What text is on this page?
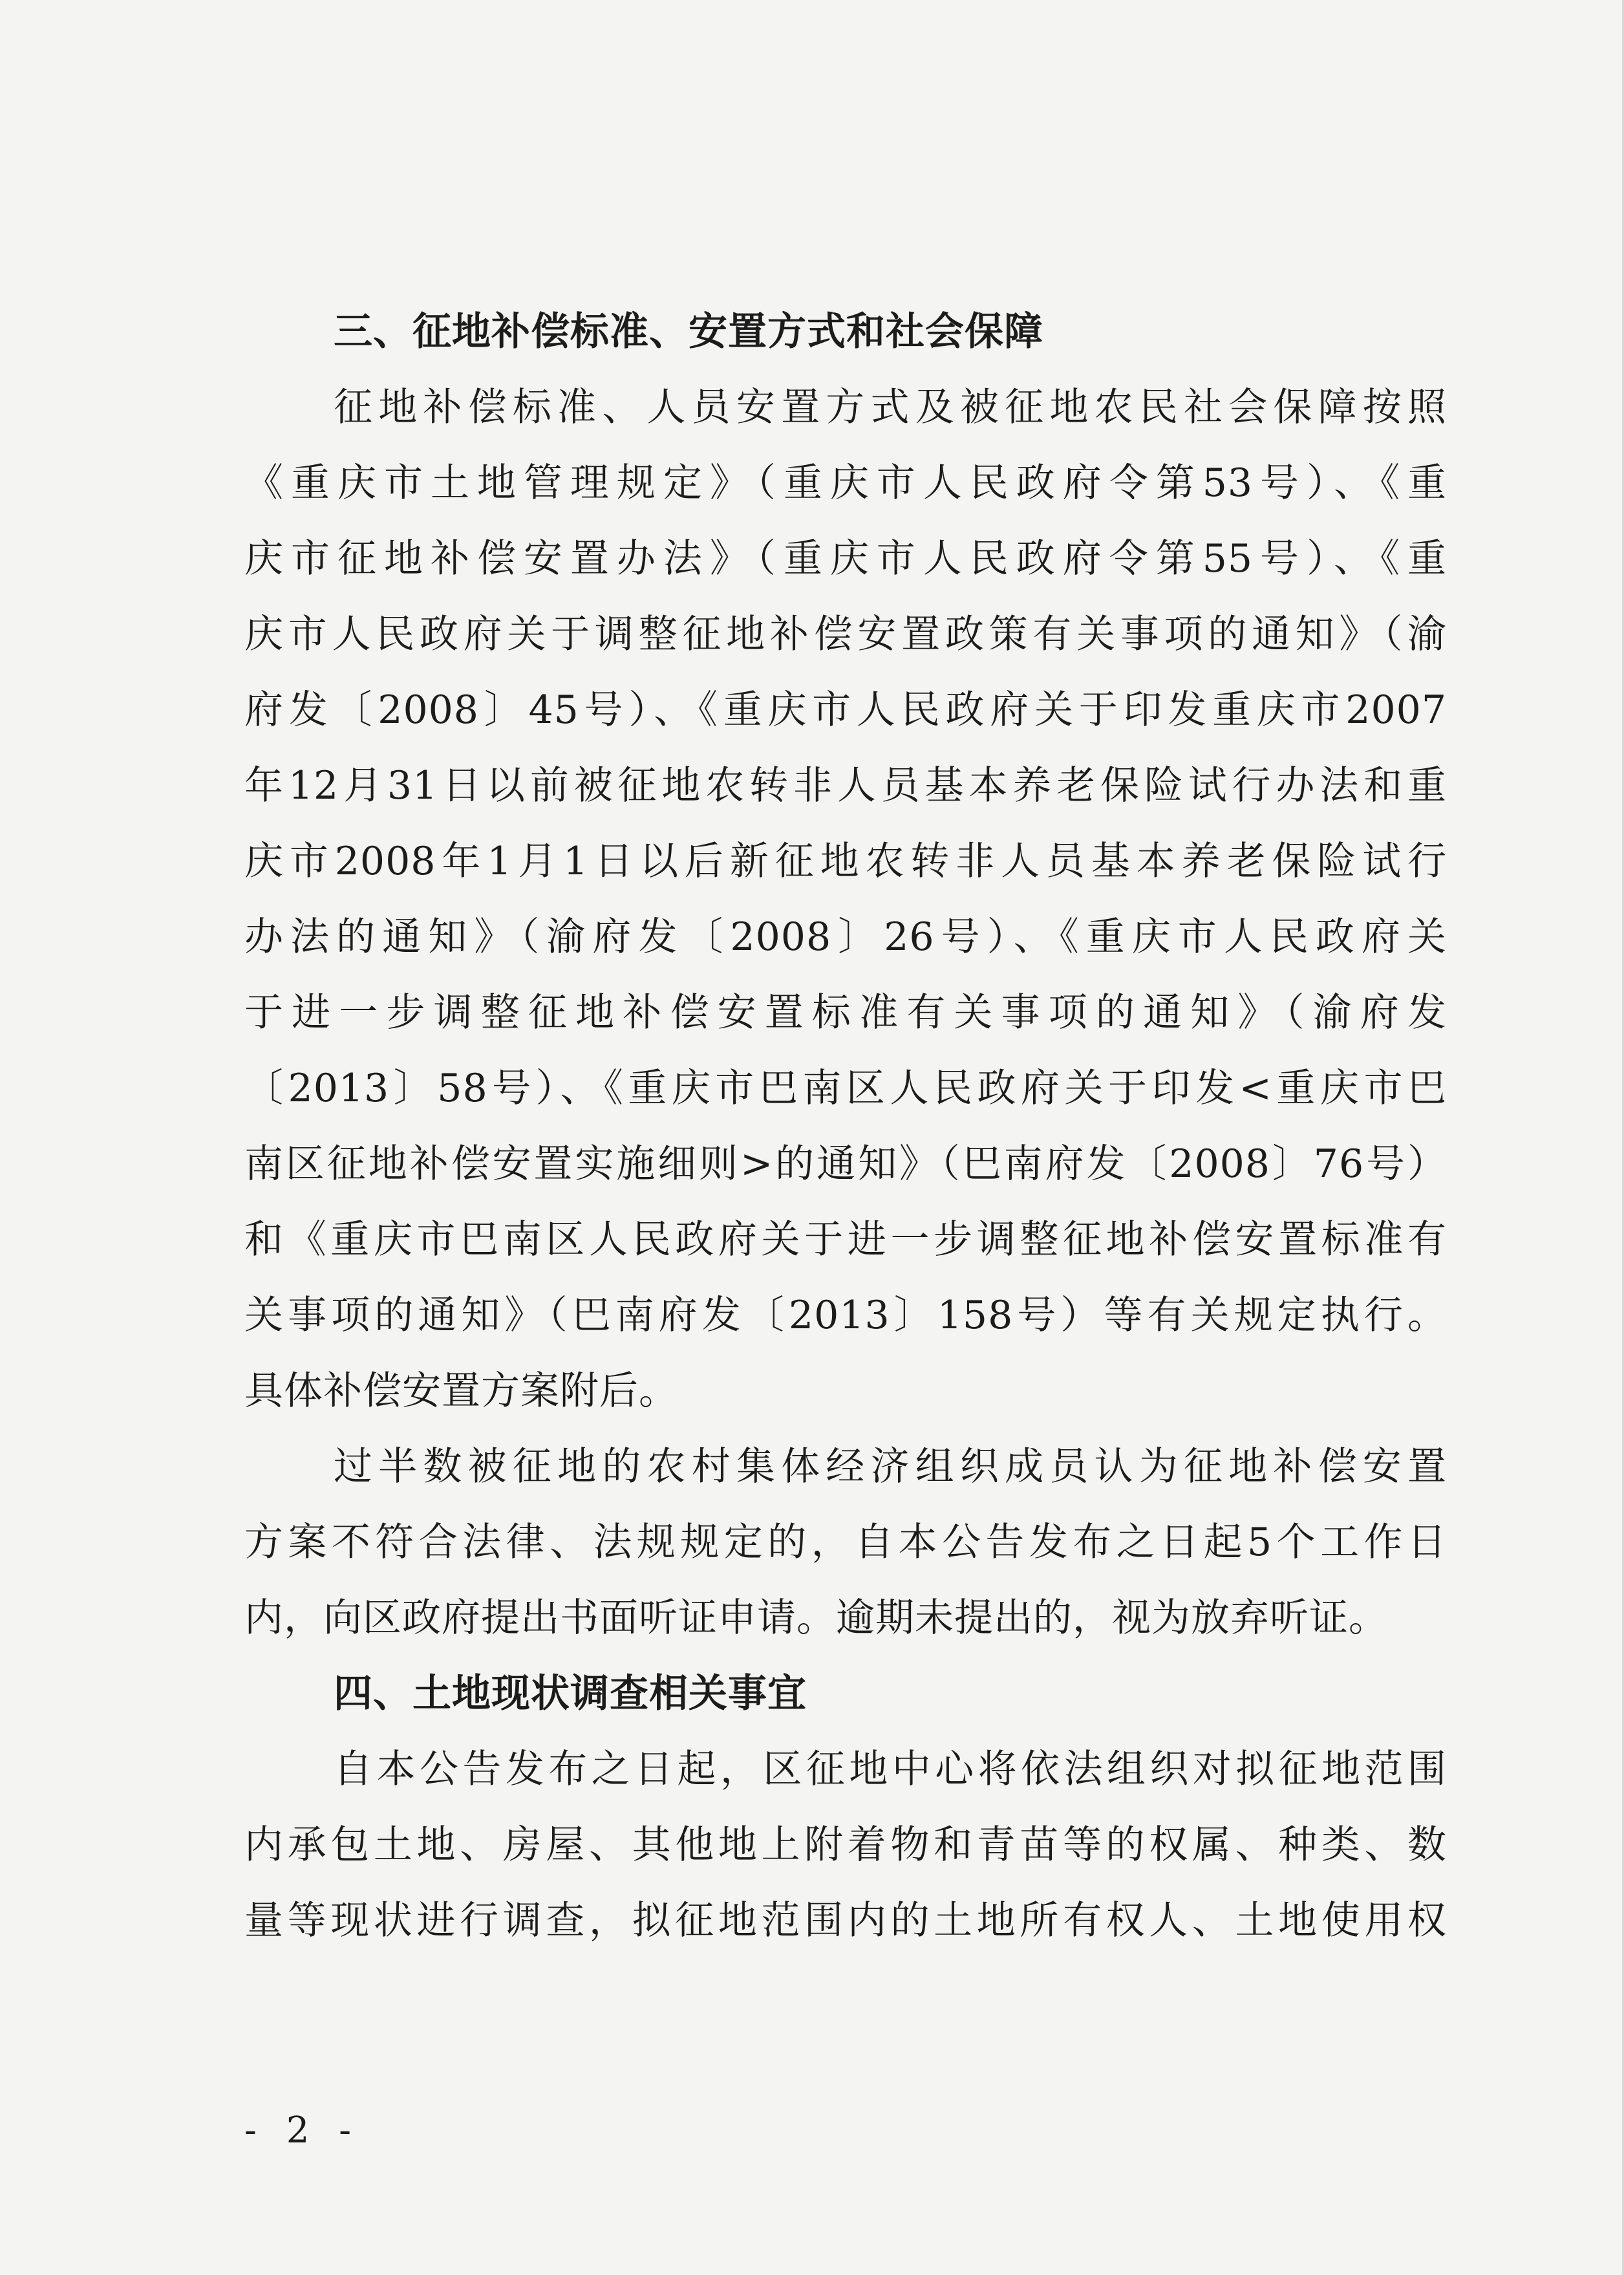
三、征地补偿标准、安置方式和社会保障
征地补偿标准、人员安置方式及被征地农民社会保障按照
《重庆市土地管理规定》（重庆市人民政府令第53号）、《重
庆市征地补偿安置办法》（重庆市人民政府令第55号）、《重
庆市人民政府关于调整征地补偿安置政策有关事项的通知》（渝
府发〔2008〕45号）、《重庆市人民政府关于印发重庆市2007
年12月31日以前被征地农转非人员基本养老保险试行办法和重
庆市2008年1月1日以后新征地农转非人员基本养老保险试行
办法的通知》（渝府发〔2008〕26号）、《重庆市人民政府关
于进一步调整征地补偿安置标准有关事项的通知》（渝府发
〔2013〕58号）、《重庆市巴南区人民政府关于印发<重庆市巴
南区征地补偿安置实施细则>的通知》（巴南府发〔2008〕76号）
和《重庆市巴南区人民政府关于进一步调整征地补偿安置标准有
关事项的通知》（巴南府发〔2013〕158号）等有关规定执行。
具体补偿安置方案附后。
过半数被征地的农村集体经济组织成员认为征地补偿安置
方案不符合法律、法规规定的，自本公告发布之日起5个工作日
内，向区政府提出书面听证申请。逾期未提出的，视为放弃听证。
四、土地现状调查相关事宜
自本公告发布之日起，区征地中心将依法组织对拟征地范围
内承包土地、房屋、其他地上附着物和青苗等的权属、种类、数
量等现状进行调查，拟征地范围内的土地所有权人、土地使用权
- 2 -
